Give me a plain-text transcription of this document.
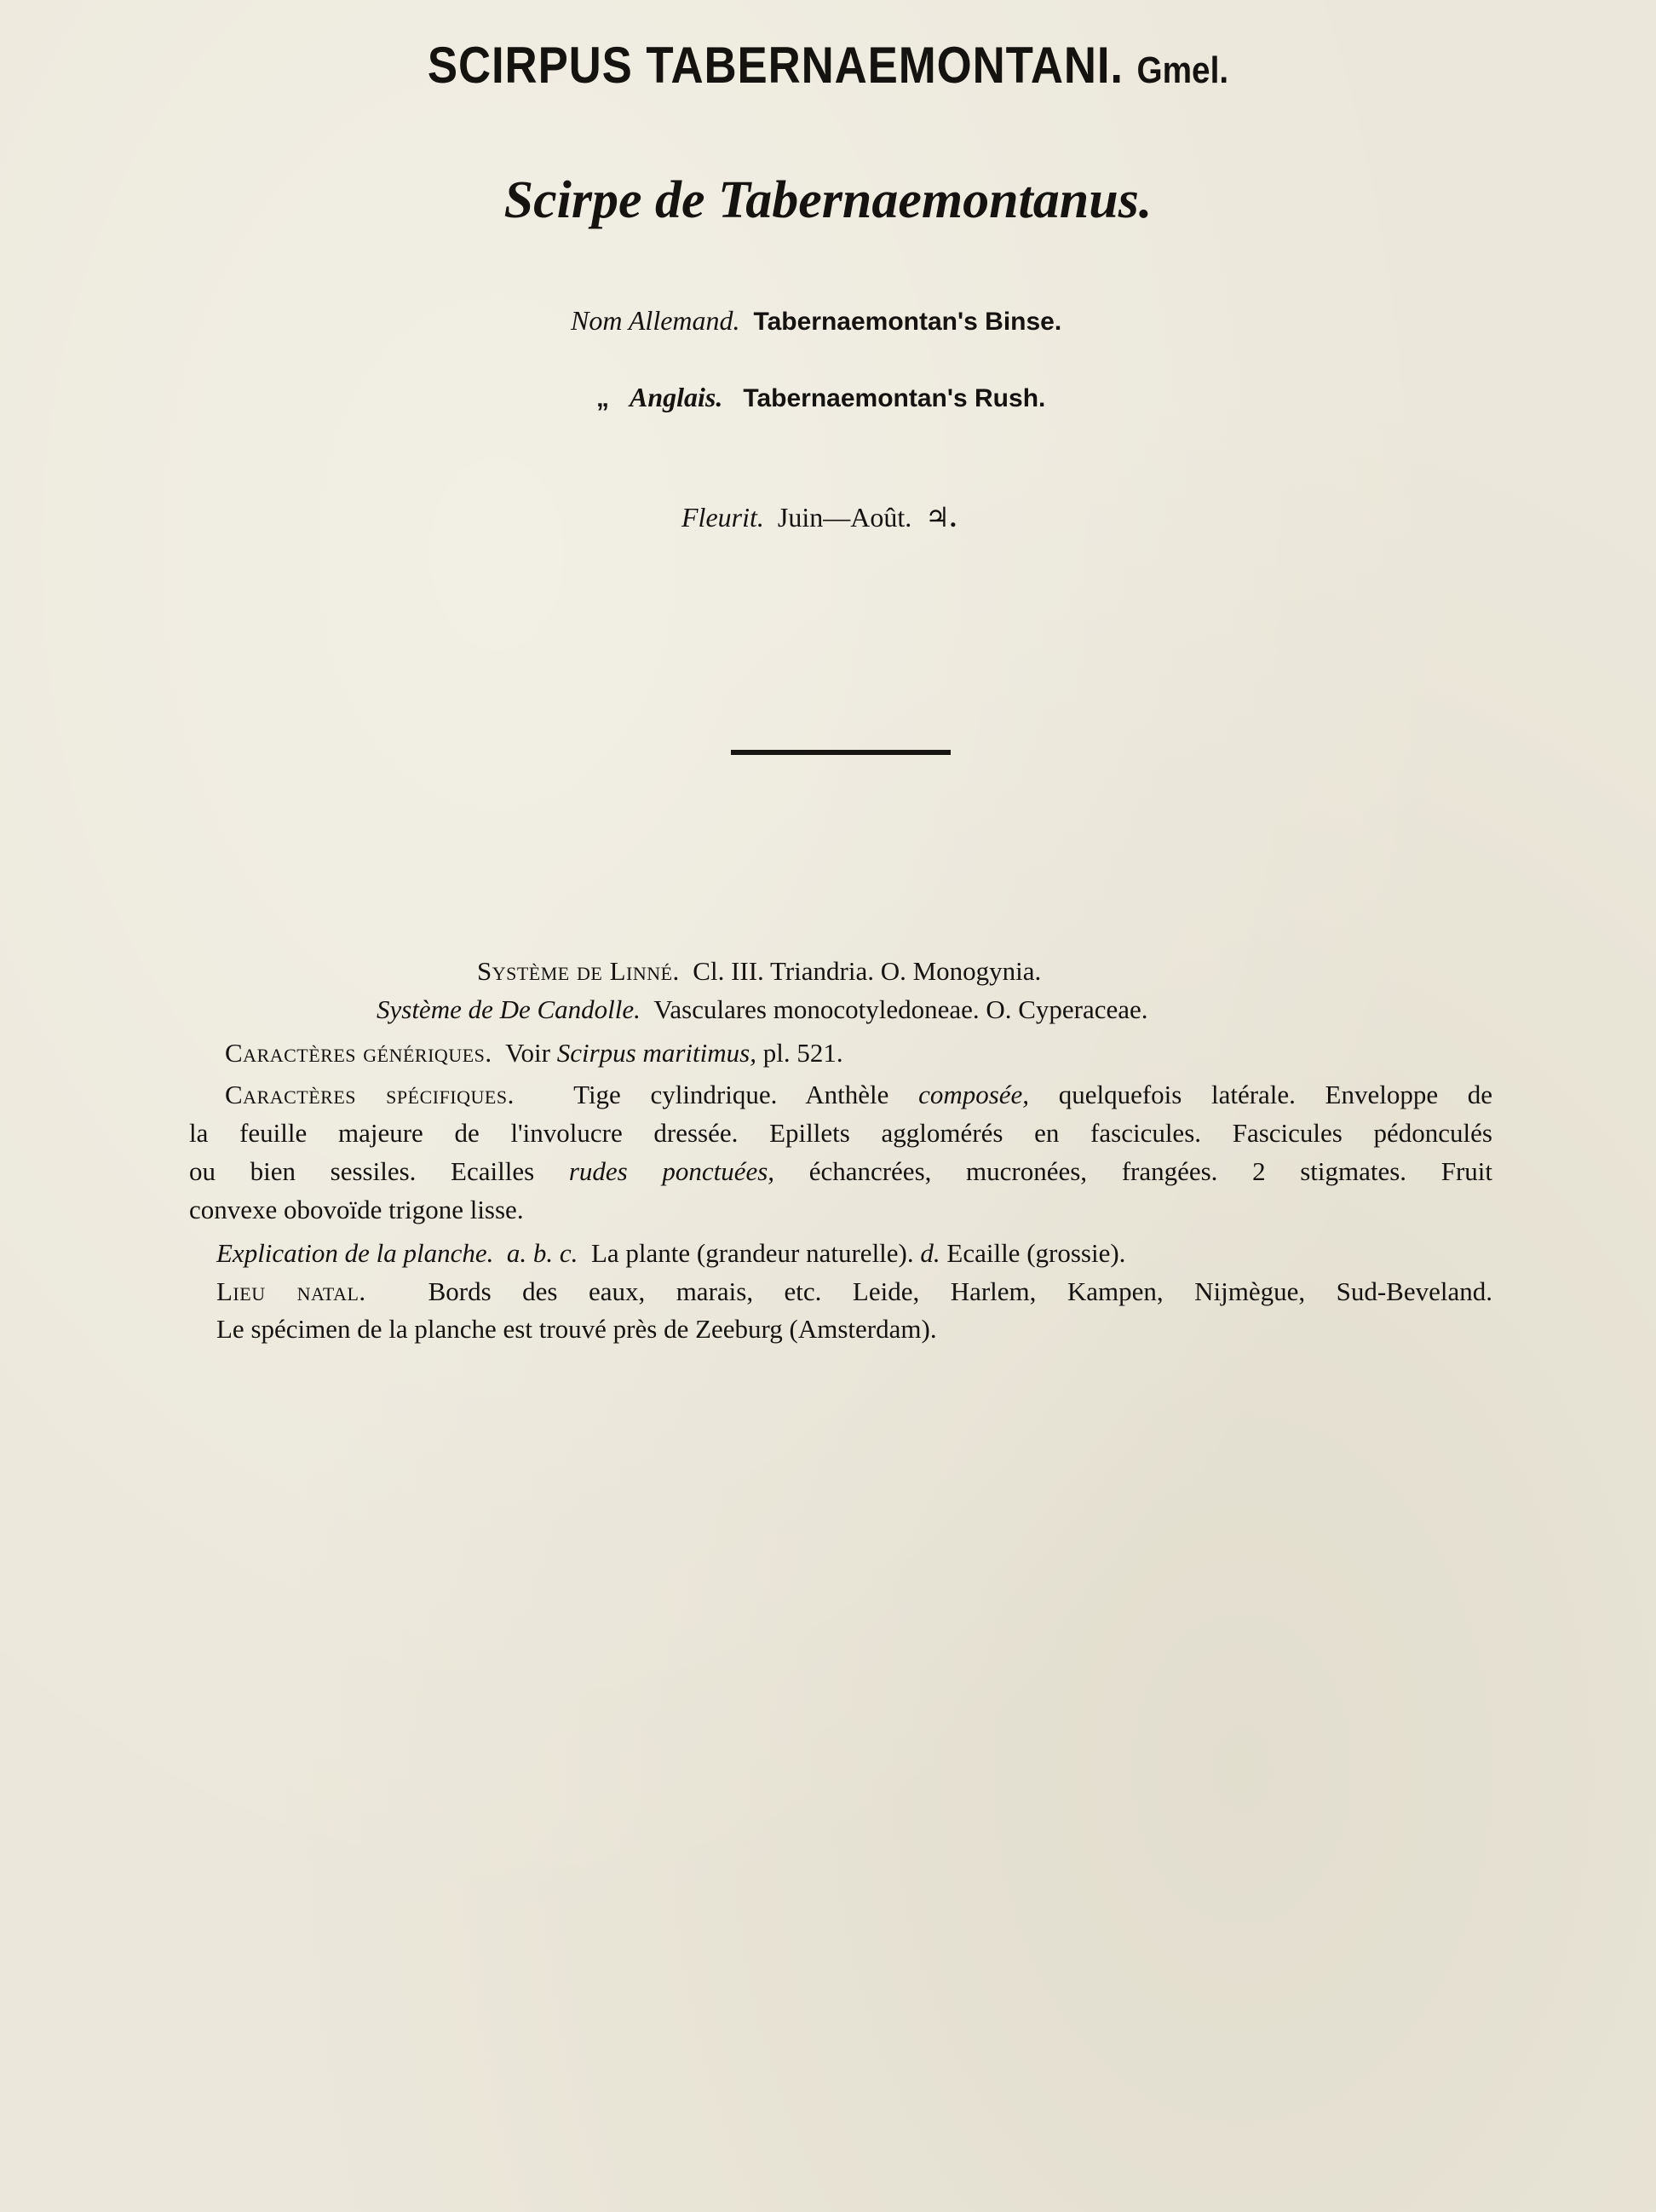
SCIRPUS TABERNAEMONTANI. Gmel.
Scirpe de Tabernaemontanus.
Nom Allemand. Tabernaemontan's Binse.
„ Anglais. Tabernaemontan's Rush.
Fleurit. Juin—Août. ♃.

Système de Linné. Cl. III. Triandria. O. Monogynia.

Système de De Candolle. Vasculares monocotyledoneae. O. Cyperaceae.

Caractères génériques. Voir Scirpus maritimus, pl. 521.

Caractères spécifiques. Tige cylindrique. Anthèle composée, quelquefois latérale. Enveloppe de

la feuille majeure de l'involucre dressée. Epillets agglomérés en fascicules. Fascicules pédonculés

ou bien sessiles. Ecailles rudes ponctuées, échancrées, mucronées, frangées. 2 stigmates. Fruit

convexe obovoïde trigone lisse.

Explication de la planche. a. b. c. La plante (grandeur naturelle). d. Ecaille (grossie).

Lieu natal. Bords des eaux, marais, etc. Leide, Harlem, Kampen, Nijmègue, Sud-Beveland.

Le spécimen de la planche est trouvé près de Zeeburg (Amsterdam).
